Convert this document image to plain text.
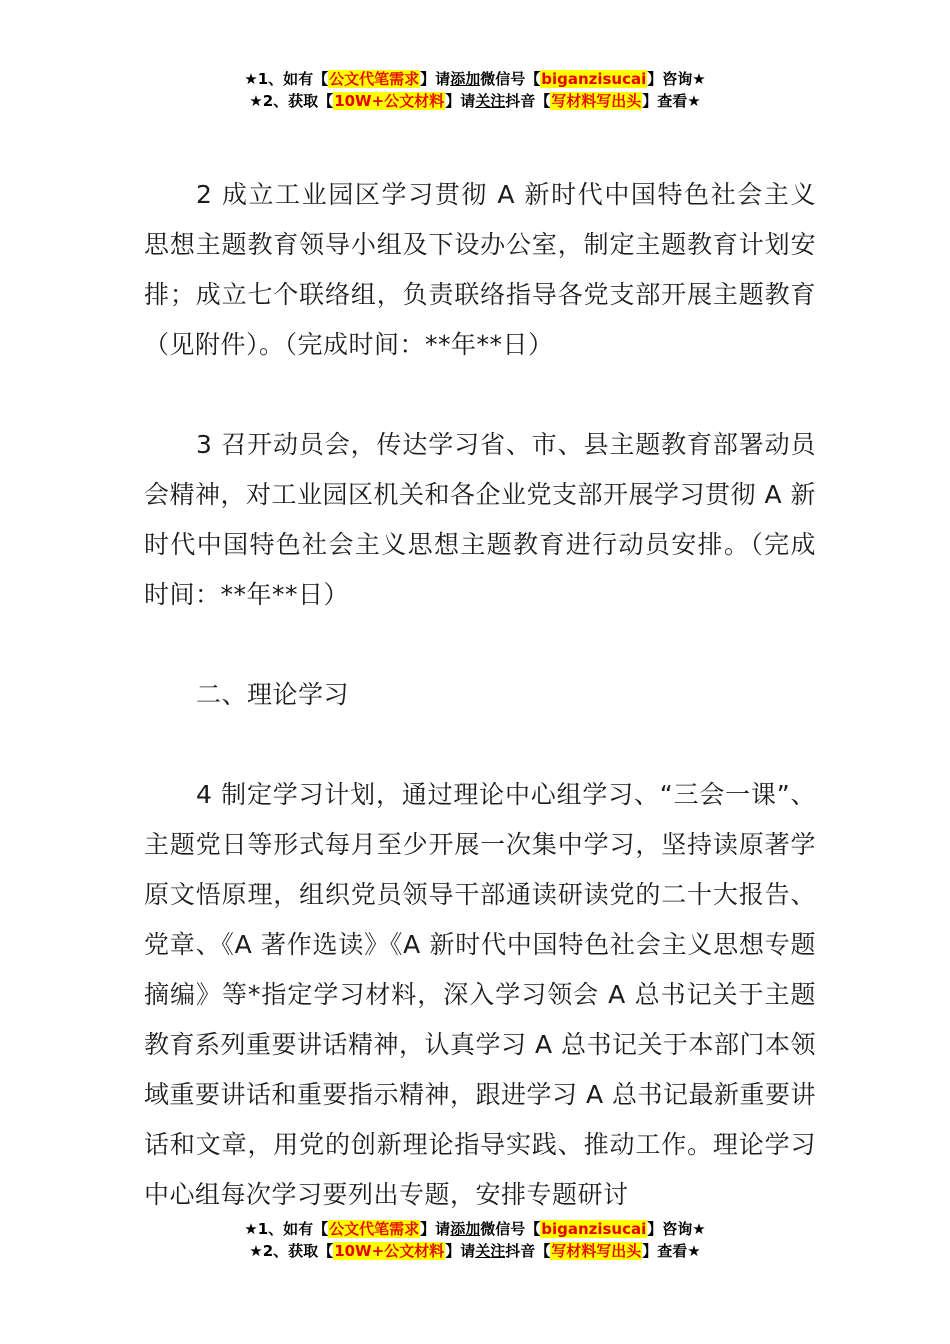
★1、如有【公文代笔需求】请添加微信号【biganzisucai】咨询★
★2、获取【10W+公文材料】请关注抖音【写材料写出头】查看★

2 成立工业园区学习贯彻 A 新时代中国特色社会主义思想主题教育领导小组及下设办公室，制定主题教育计划安排；成立七个联络组，负责联络指导各党支部开展主题教育（见附件）。（完成时间：**年**日）

3 召开动员会，传达学习省、市、县主题教育部署动员会精神，对工业园区机关和各企业党支部开展学习贯彻 A 新时代中国特色社会主义思想主题教育进行动员安排。（完成时间：**年**日）

二、理论学习

4 制定学习计划，通过理论中心组学习、“三会一课”、主题党日等形式每月至少开展一次集中学习，坚持读原著学原文悟原理，组织党员领导干部通读研读党的二十大报告、党章、《A 著作选读》《A 新时代中国特色社会主义思想专题摘编》等*指定学习材料，深入学习领会 A 总书记关于主题教育系列重要讲话精神，认真学习 A 总书记关于本部门本领域重要讲话和重要指示精神，跟进学习 A 总书记最新重要讲话和文章，用党的创新理论指导实践、推动工作。理论学习中心组每次学习要列出专题，安排专题研讨

★1、如有【公文代笔需求】请添加微信号【biganzisucai】咨询★
★2、获取【10W+公文材料】请关注抖音【写材料写出头】查看★
